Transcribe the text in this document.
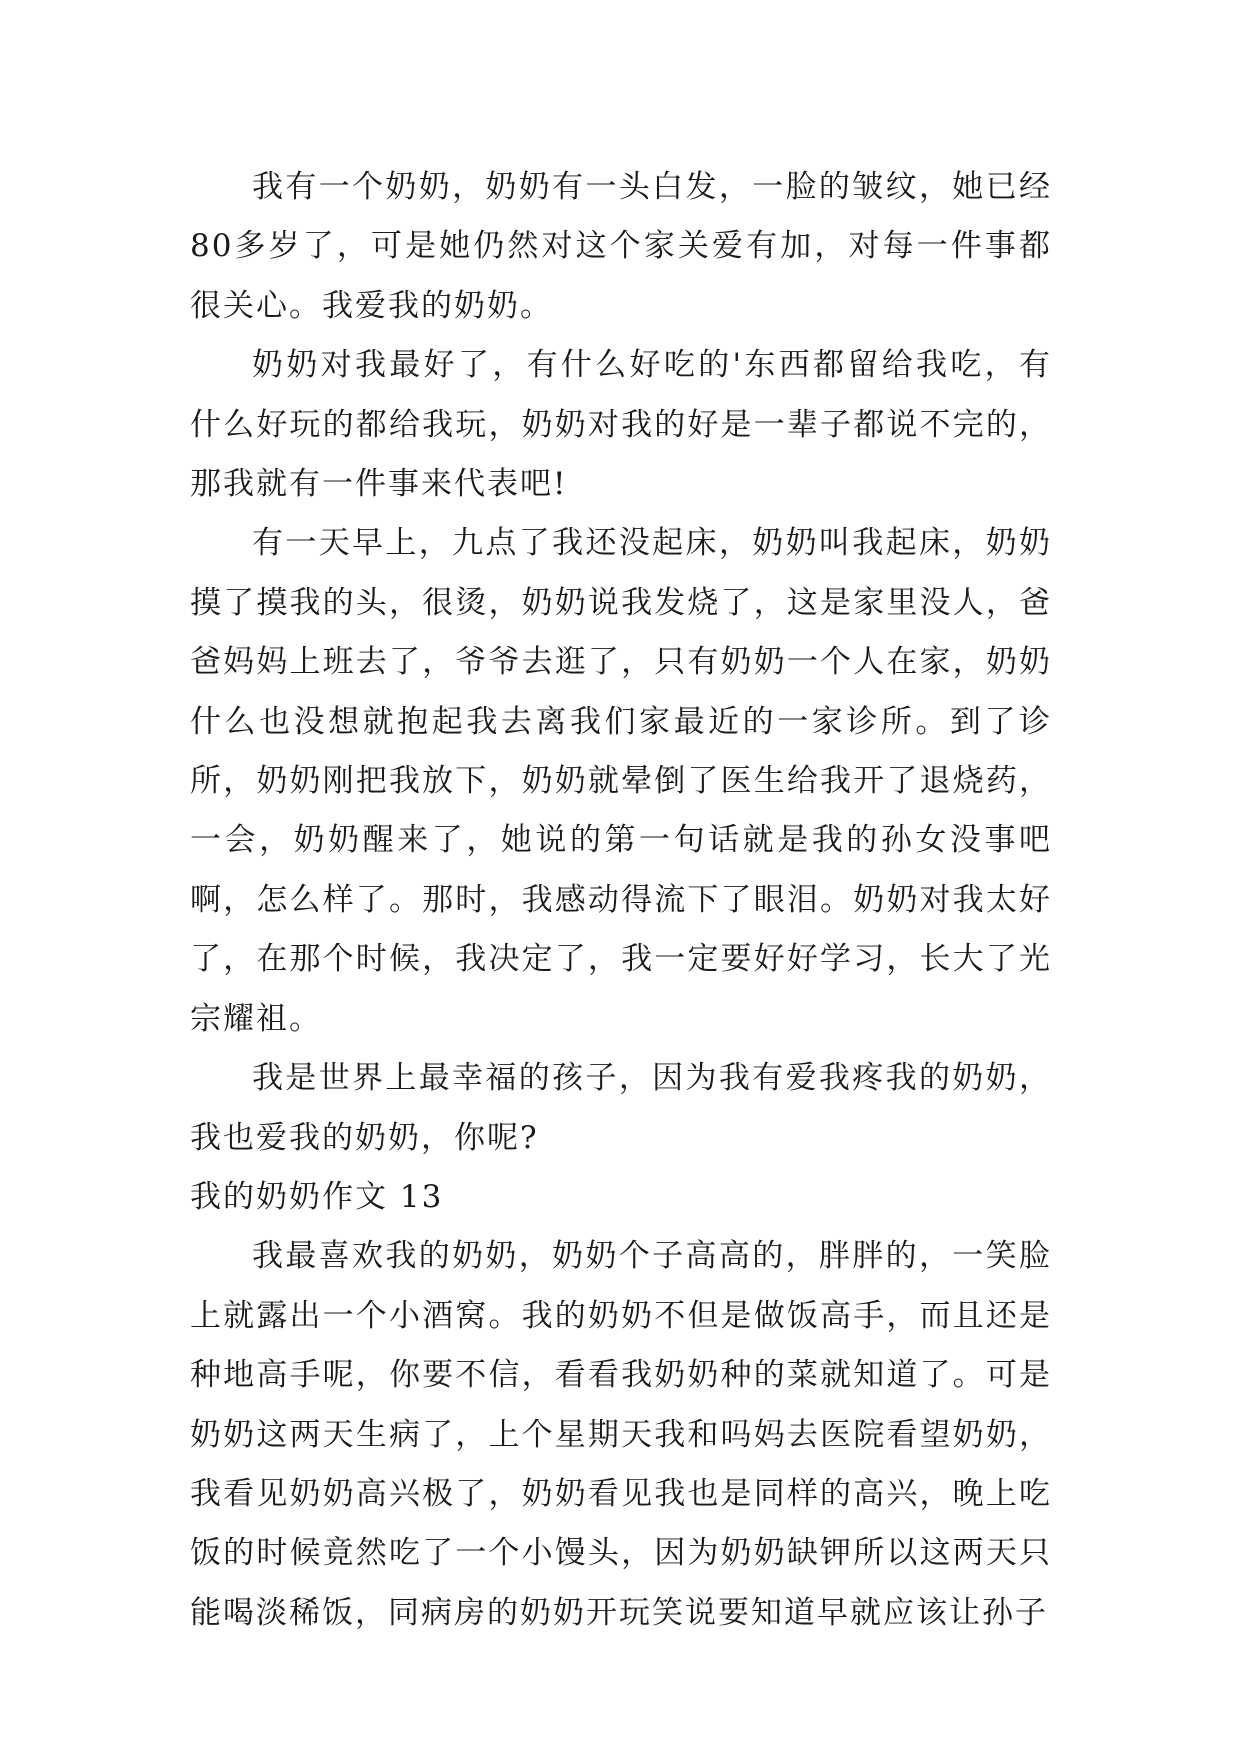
我有一个奶奶，奶奶有一头白发，一脸的皱纹，她已经80多岁了，可是她仍然对这个家关爱有加，对每一件事都很关心。我爱我的奶奶。

奶奶对我最好了，有什么好吃的'东西都留给我吃，有什么好玩的都给我玩，奶奶对我的好是一辈子都说不完的，那我就有一件事来代表吧!

有一天早上，九点了我还没起床，奶奶叫我起床，奶奶摸了摸我的头，很烫，奶奶说我发烧了，这是家里没人，爸爸妈妈上班去了，爷爷去逛了，只有奶奶一个人在家，奶奶什么也没想就抱起我去离我们家最近的一家诊所。到了诊所，奶奶刚把我放下，奶奶就晕倒了医生给我开了退烧药，一会，奶奶醒来了，她说的第一句话就是我的孙女没事吧啊，怎么样了。那时，我感动得流下了眼泪。奶奶对我太好了，在那个时候，我决定了，我一定要好好学习，长大了光宗耀祖。

我是世界上最幸福的孩子，因为我有爱我疼我的奶奶，我也爱我的奶奶，你呢?

我的奶奶作文 13

我最喜欢我的奶奶，奶奶个子高高的，胖胖的，一笑脸上就露出一个小酒窝。我的奶奶不但是做饭高手，而且还是种地高手呢，你要不信，看看我奶奶种的菜就知道了。可是奶奶这两天生病了，上个星期天我和吗妈去医院看望奶奶，我看见奶奶高兴极了，奶奶看见我也是同样的高兴，晚上吃饭的时候竟然吃了一个小馒头，因为奶奶缺钾所以这两天只能喝淡稀饭，同病房的奶奶开玩笑说要知道早就应该让孙子
